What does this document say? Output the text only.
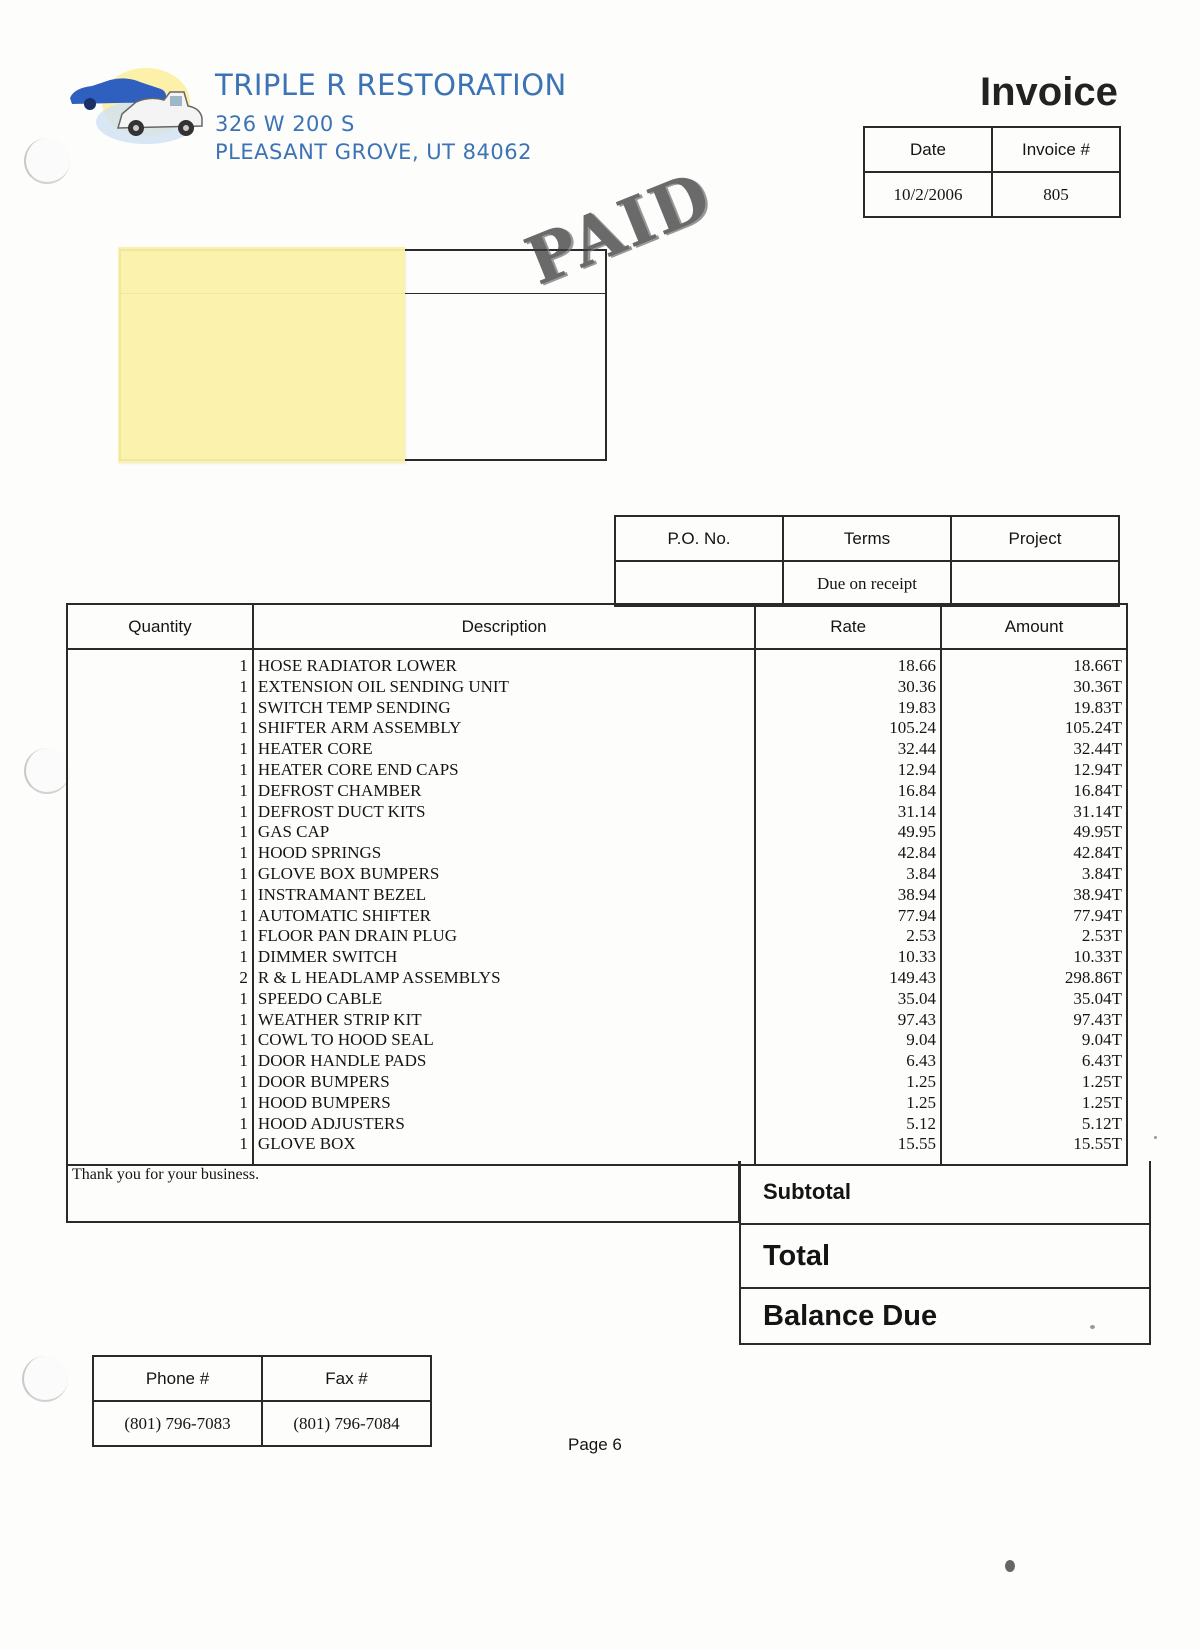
TRIPLE R RESTORATION
326 W 200 S
PLEASANT GROVE, UT 84062
Invoice
Date	Invoice #
10/2/2006	805
PAID
P.O. No.	Terms	Project
	Due on receipt	
Quantity	Description	Rate	Amount
1	HOSE RADIATOR LOWER	18.66	18.66T
1	EXTENSION OIL SENDING UNIT	30.36	30.36T
1	SWITCH TEMP SENDING	19.83	19.83T
1	SHIFTER ARM ASSEMBLY	105.24	105.24T
1	HEATER CORE	32.44	32.44T
1	HEATER CORE END CAPS	12.94	12.94T
1	DEFROST CHAMBER	16.84	16.84T
1	DEFROST DUCT KITS	31.14	31.14T
1	GAS CAP	49.95	49.95T
1	HOOD SPRINGS	42.84	42.84T
1	GLOVE BOX BUMPERS	3.84	3.84T
1	INSTRAMANT BEZEL	38.94	38.94T
1	AUTOMATIC SHIFTER	77.94	77.94T
1	FLOOR PAN DRAIN PLUG	2.53	2.53T
1	DIMMER SWITCH	10.33	10.33T
2	R & L HEADLAMP ASSEMBLYS	149.43	298.86T
1	SPEEDO CABLE	35.04	35.04T
1	WEATHER STRIP KIT	97.43	97.43T
1	COWL TO HOOD SEAL	9.04	9.04T
1	DOOR HANDLE PADS	6.43	6.43T
1	DOOR BUMPERS	1.25	1.25T
1	HOOD BUMPERS	1.25	1.25T
1	HOOD ADJUSTERS	5.12	5.12T
1	GLOVE BOX	15.55	15.55T
Thank you for your business.
Subtotal
Total
Balance Due
Phone #	Fax #
(801) 796-7083	(801) 796-7084
Page 6
